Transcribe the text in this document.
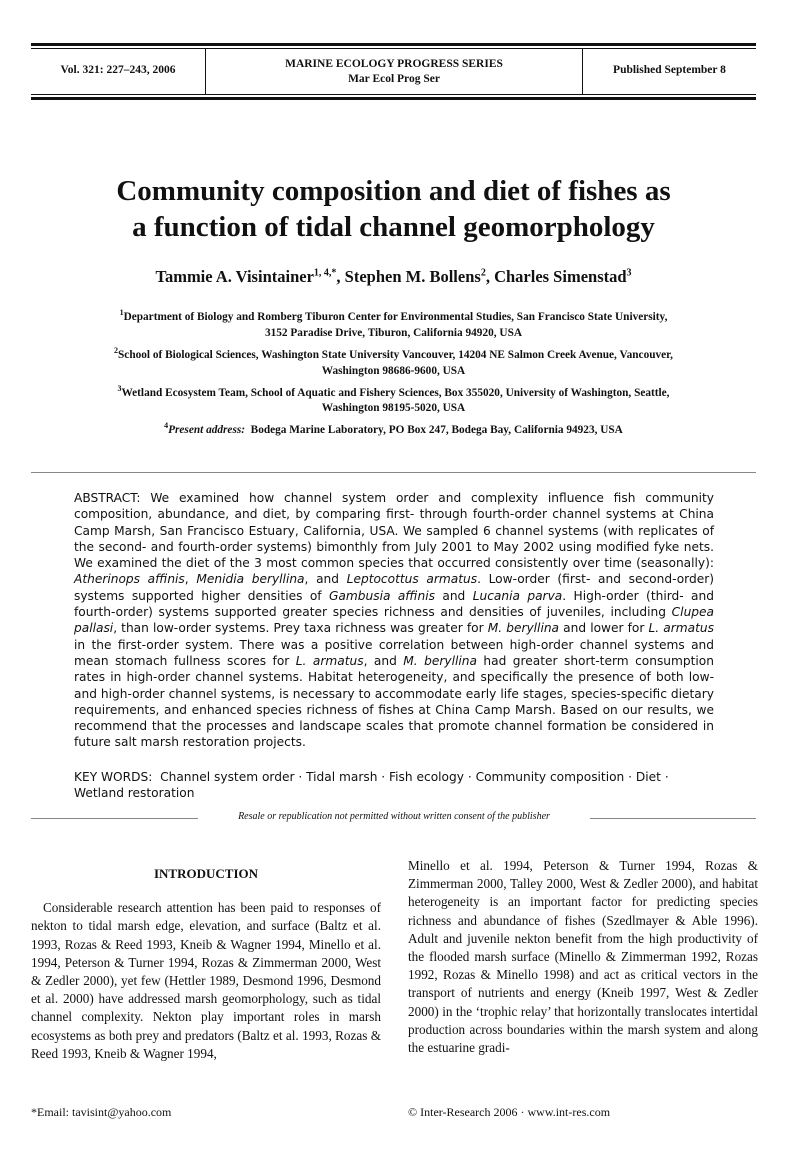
Vol. 321: 227–243, 2006	MARINE ECOLOGY PROGRESS SERIES
Mar Ecol Prog Ser
Published September 8
Community composition and diet of fishes as
a function of tidal channel geomorphology
Tammie A. Visintainer$^{1, 4,*}$, Stephen M. Bollens$^2$, Charles Simenstad$^3$
$^1$Department of Biology and Romberg Tiburon Center for Environmental Studies, San Francisco State University,
3152 Paradise Drive, Tiburon, California 94920, USA
$^2$School of Biological Sciences, Washington State University Vancouver, 14204 NE Salmon Creek Avenue, Vancouver,
Washington 98686-9600, USA
$^3$Wetland Ecosystem Team, School of Aquatic and Fishery Sciences, Box 355020, University of Washington, Seattle,
Washington 98195-5020, USA
$^4$Present address: Bodega Marine Laboratory, PO Box 247, Bodega Bay, California 94923, USA
ABSTRACT: We examined how channel system order and complexity influence fish community composition, abundance, and diet, by comparing first- through fourth-order channel systems at China Camp Marsh, San Francisco Estuary, California, USA. We sampled 6 channel systems (with replicates of the second- and fourth-order systems) bimonthly from July 2001 to May 2002 using modified fyke nets. We examined the diet of the 3 most common species that occurred consistently over time (seasonally): Atherinops affinis, Menidia beryllina, and Leptocottus armatus. Low-order (first- and second-order) systems supported higher densities of Gambusia affinis and Lucania parva. High-order (third- and fourth-order) systems supported greater species richness and densities of juveniles, including Clupea pallasi, than low-order systems. Prey taxa richness was greater for M. beryllina and lower for L. armatus in the first-order system. There was a positive correlation between high-order channel systems and mean stomach fullness scores for L. armatus, and M. beryllina had greater short-term consumption rates in high-order channel systems. Habitat heterogeneity, and specifically the presence of both low- and high-order channel systems, is necessary to accommodate early life stages, species-specific dietary requirements, and enhanced species richness of fishes at China Camp Marsh. Based on our results, we recommend that the processes and landscape scales that promote channel formation be considered in future salt marsh restoration projects.
KEY WORDS: Channel system order · Tidal marsh · Fish ecology · Community composition · Diet · Wetland restoration
Resale or republication not permitted without written consent of the publisher
INTRODUCTION

Considerable research attention has been paid to responses of nekton to tidal marsh edge, elevation, and surface (Baltz et al. 1993, Rozas & Reed 1993, Kneib & Wagner 1994, Minello et al. 1994, Peterson & Turner 1994, Rozas & Zimmerman 2000, West & Zedler 2000), yet few (Hettler 1989, Desmond 1996, Desmond et al. 2000) have addressed marsh geomorphology, such as tidal channel complexity. Nekton play important roles in marsh ecosystems as both prey and predators (Baltz et al. 1993, Rozas & Reed 1993, Kneib & Wagner 1994,

Minello et al. 1994, Peterson & Turner 1994, Rozas & Zimmerman 2000, Talley 2000, West & Zedler 2000), and habitat heterogeneity is an important factor for predicting species richness and abundance of fishes (Szedlmayer & Able 1996). Adult and juvenile nekton benefit from the high productivity of the flooded marsh surface (Minello & Zimmerman 1992, Rozas 1992, Rozas & Minello 1998) and act as critical vectors in the transport of nutrients and energy (Kneib 1997, West & Zedler 2000) in the ‘trophic relay’ that horizontally translocates intertidal production across boundaries within the marsh system and along the estuarine gradi-

*Email: tavisint@yahoo.com	© Inter-Research 2006 · www.int-res.com
